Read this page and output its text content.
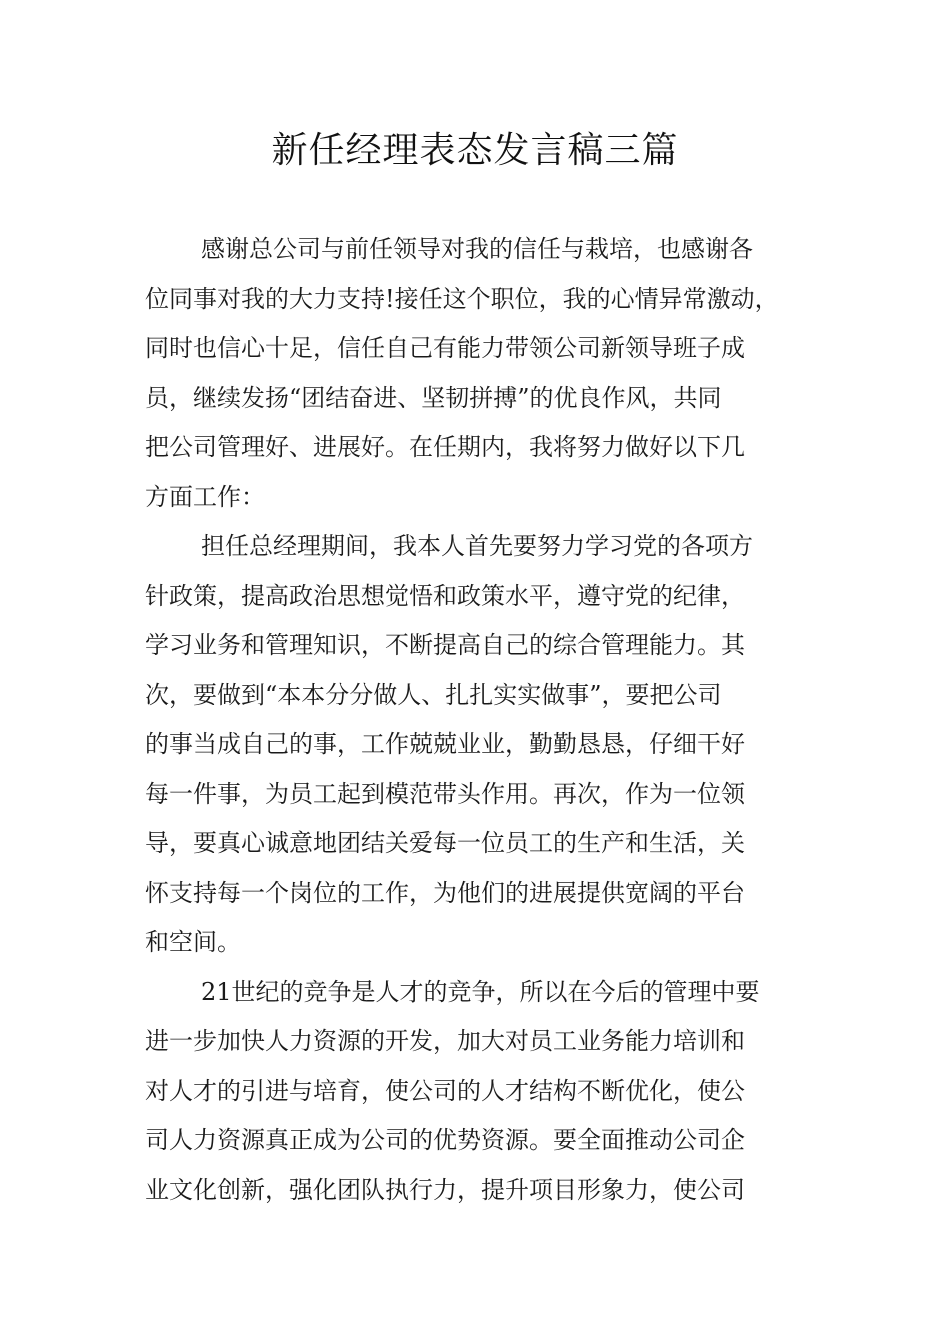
新任经理表态发言稿三篇
感谢总公司与前任领导对我的信任与栽培，也感谢各
位同事对我的大力支持!接任这个职位，我的心情异常激动，
同时也信心十足，信任自己有能力带领公司新领导班子成
员，继续发扬“团结奋进、坚韧拼搏”的优良作风，共同
把公司管理好、进展好。在任期内，我将努力做好以下几
方面工作：
担任总经理期间，我本人首先要努力学习党的各项方
针政策，提高政治思想觉悟和政策水平，遵守党的纪律，
学习业务和管理知识，不断提高自己的综合管理能力。其
次，要做到“本本分分做人、扎扎实实做事”，要把公司
的事当成自己的事，工作兢兢业业，勤勤恳恳，仔细干好
每一件事，为员工起到模范带头作用。再次，作为一位领
导，要真心诚意地团结关爱每一位员工的生产和生活，关
怀支持每一个岗位的工作，为他们的进展提供宽阔的平台
和空间。
21世纪的竞争是人才的竞争，所以在今后的管理中要
进一步加快人力资源的开发，加大对员工业务能力培训和
对人才的引进与培育，使公司的人才结构不断优化，使公
司人力资源真正成为公司的优势资源。要全面推动公司企
业文化创新，强化团队执行力，提升项目形象力，使公司
